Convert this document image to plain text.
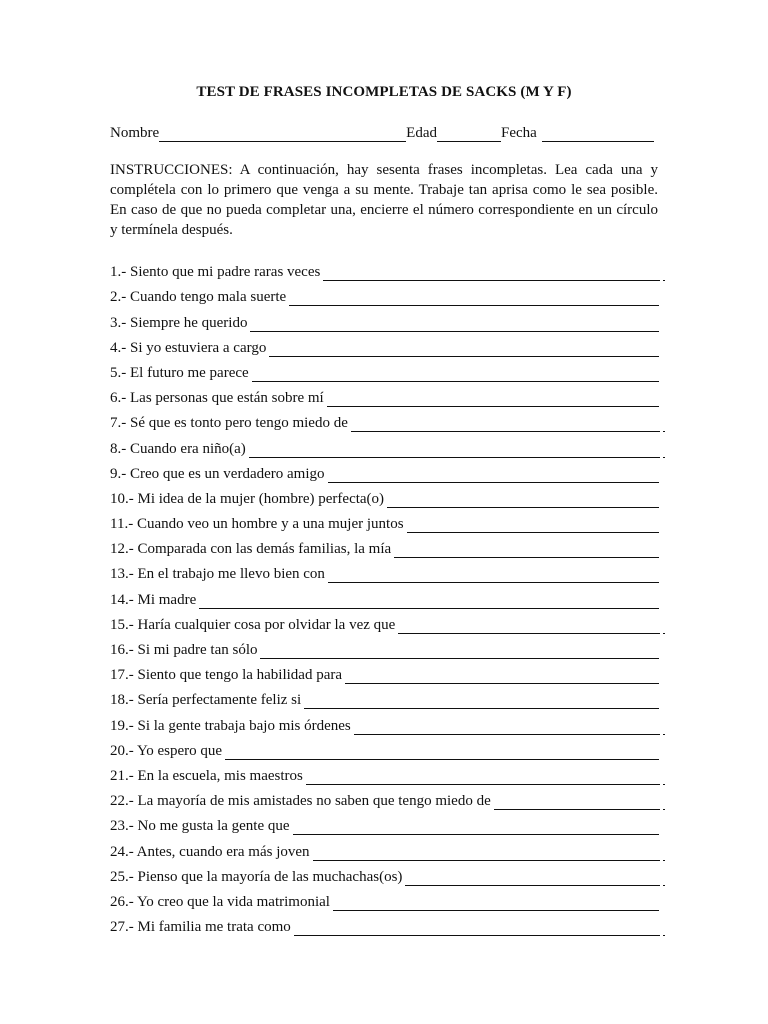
TEST DE FRASES INCOMPLETAS DE SACKS (M Y F)
Nombre	Edad	Fecha
INSTRUCCIONES: A continuación, hay sesenta frases incompletas. Lea cada una y complétela con lo primero que venga a su mente. Trabaje tan aprisa como le sea posible. En caso de que no pueda completar una, encierre el número correspondiente en un círculo y termínela después.
1.- Siento que mi padre raras veces
2.- Cuando tengo mala suerte
3.- Siempre he querido
4.- Si yo estuviera a cargo
5.- El futuro me parece
6.- Las personas que están sobre mí
7.- Sé que es tonto pero tengo miedo de
8.- Cuando era niño(a)
9.- Creo que es un verdadero amigo
10.- Mi idea de la mujer (hombre) perfecta(o)
11.- Cuando veo un hombre y a una mujer juntos
12.- Comparada con las demás familias, la mía
13.- En el trabajo me llevo bien con
14.- Mi madre
15.- Haría cualquier cosa por olvidar la vez que
16.- Si mi padre tan sólo
17.- Siento que tengo la habilidad para
18.- Sería perfectamente feliz si
19.- Si la gente trabaja bajo mis órdenes
20.- Yo espero que
21.- En la escuela, mis maestros
22.- La mayoría de mis amistades no saben que tengo miedo de
23.- No me gusta la gente que
24.- Antes, cuando era más joven
25.- Pienso que la mayoría de las muchachas(os)
26.- Yo creo que la vida matrimonial
27.- Mi familia me trata como
